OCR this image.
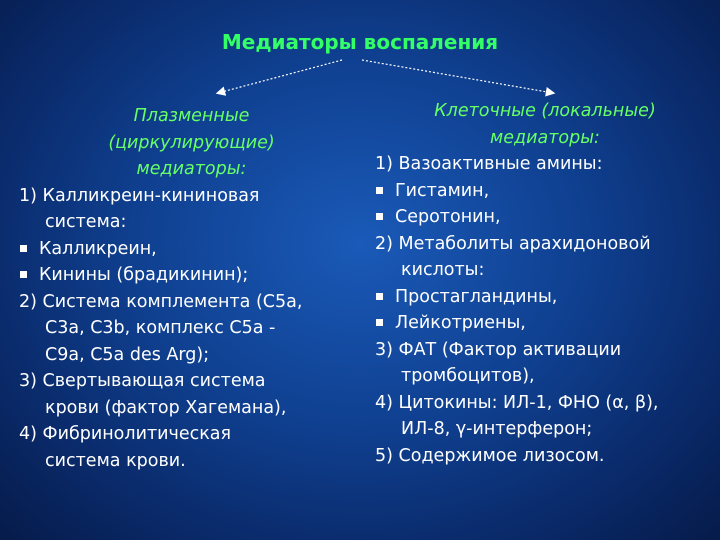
Медиаторы воспаления
Плазменные
(циркулирующие)
медиаторы:
1) Калликреин-кининовая
система:
Калликреин,
Кинины (брадикинин);
2) Система комплемента (С5а,
С3а, С3b, комплекс С5а -
С9а, С5а des Arg);
3) Свертывающая система
крови (фактор Хагемана),
4) Фибринолитическая
система крови.
Клеточные (локальные)
медиаторы:
1) Вазоактивные амины:
Гистамин,
Серотонин,
2) Метаболиты арахидоновой
кислоты:
Простагландины,
Лейкотриены,
3) ФАТ (Фактор активации
тромбоцитов),
4) Цитокины: ИЛ-1, ФНО (α, β),
ИЛ-8, γ-интерферон;
5) Содержимое лизосом.
